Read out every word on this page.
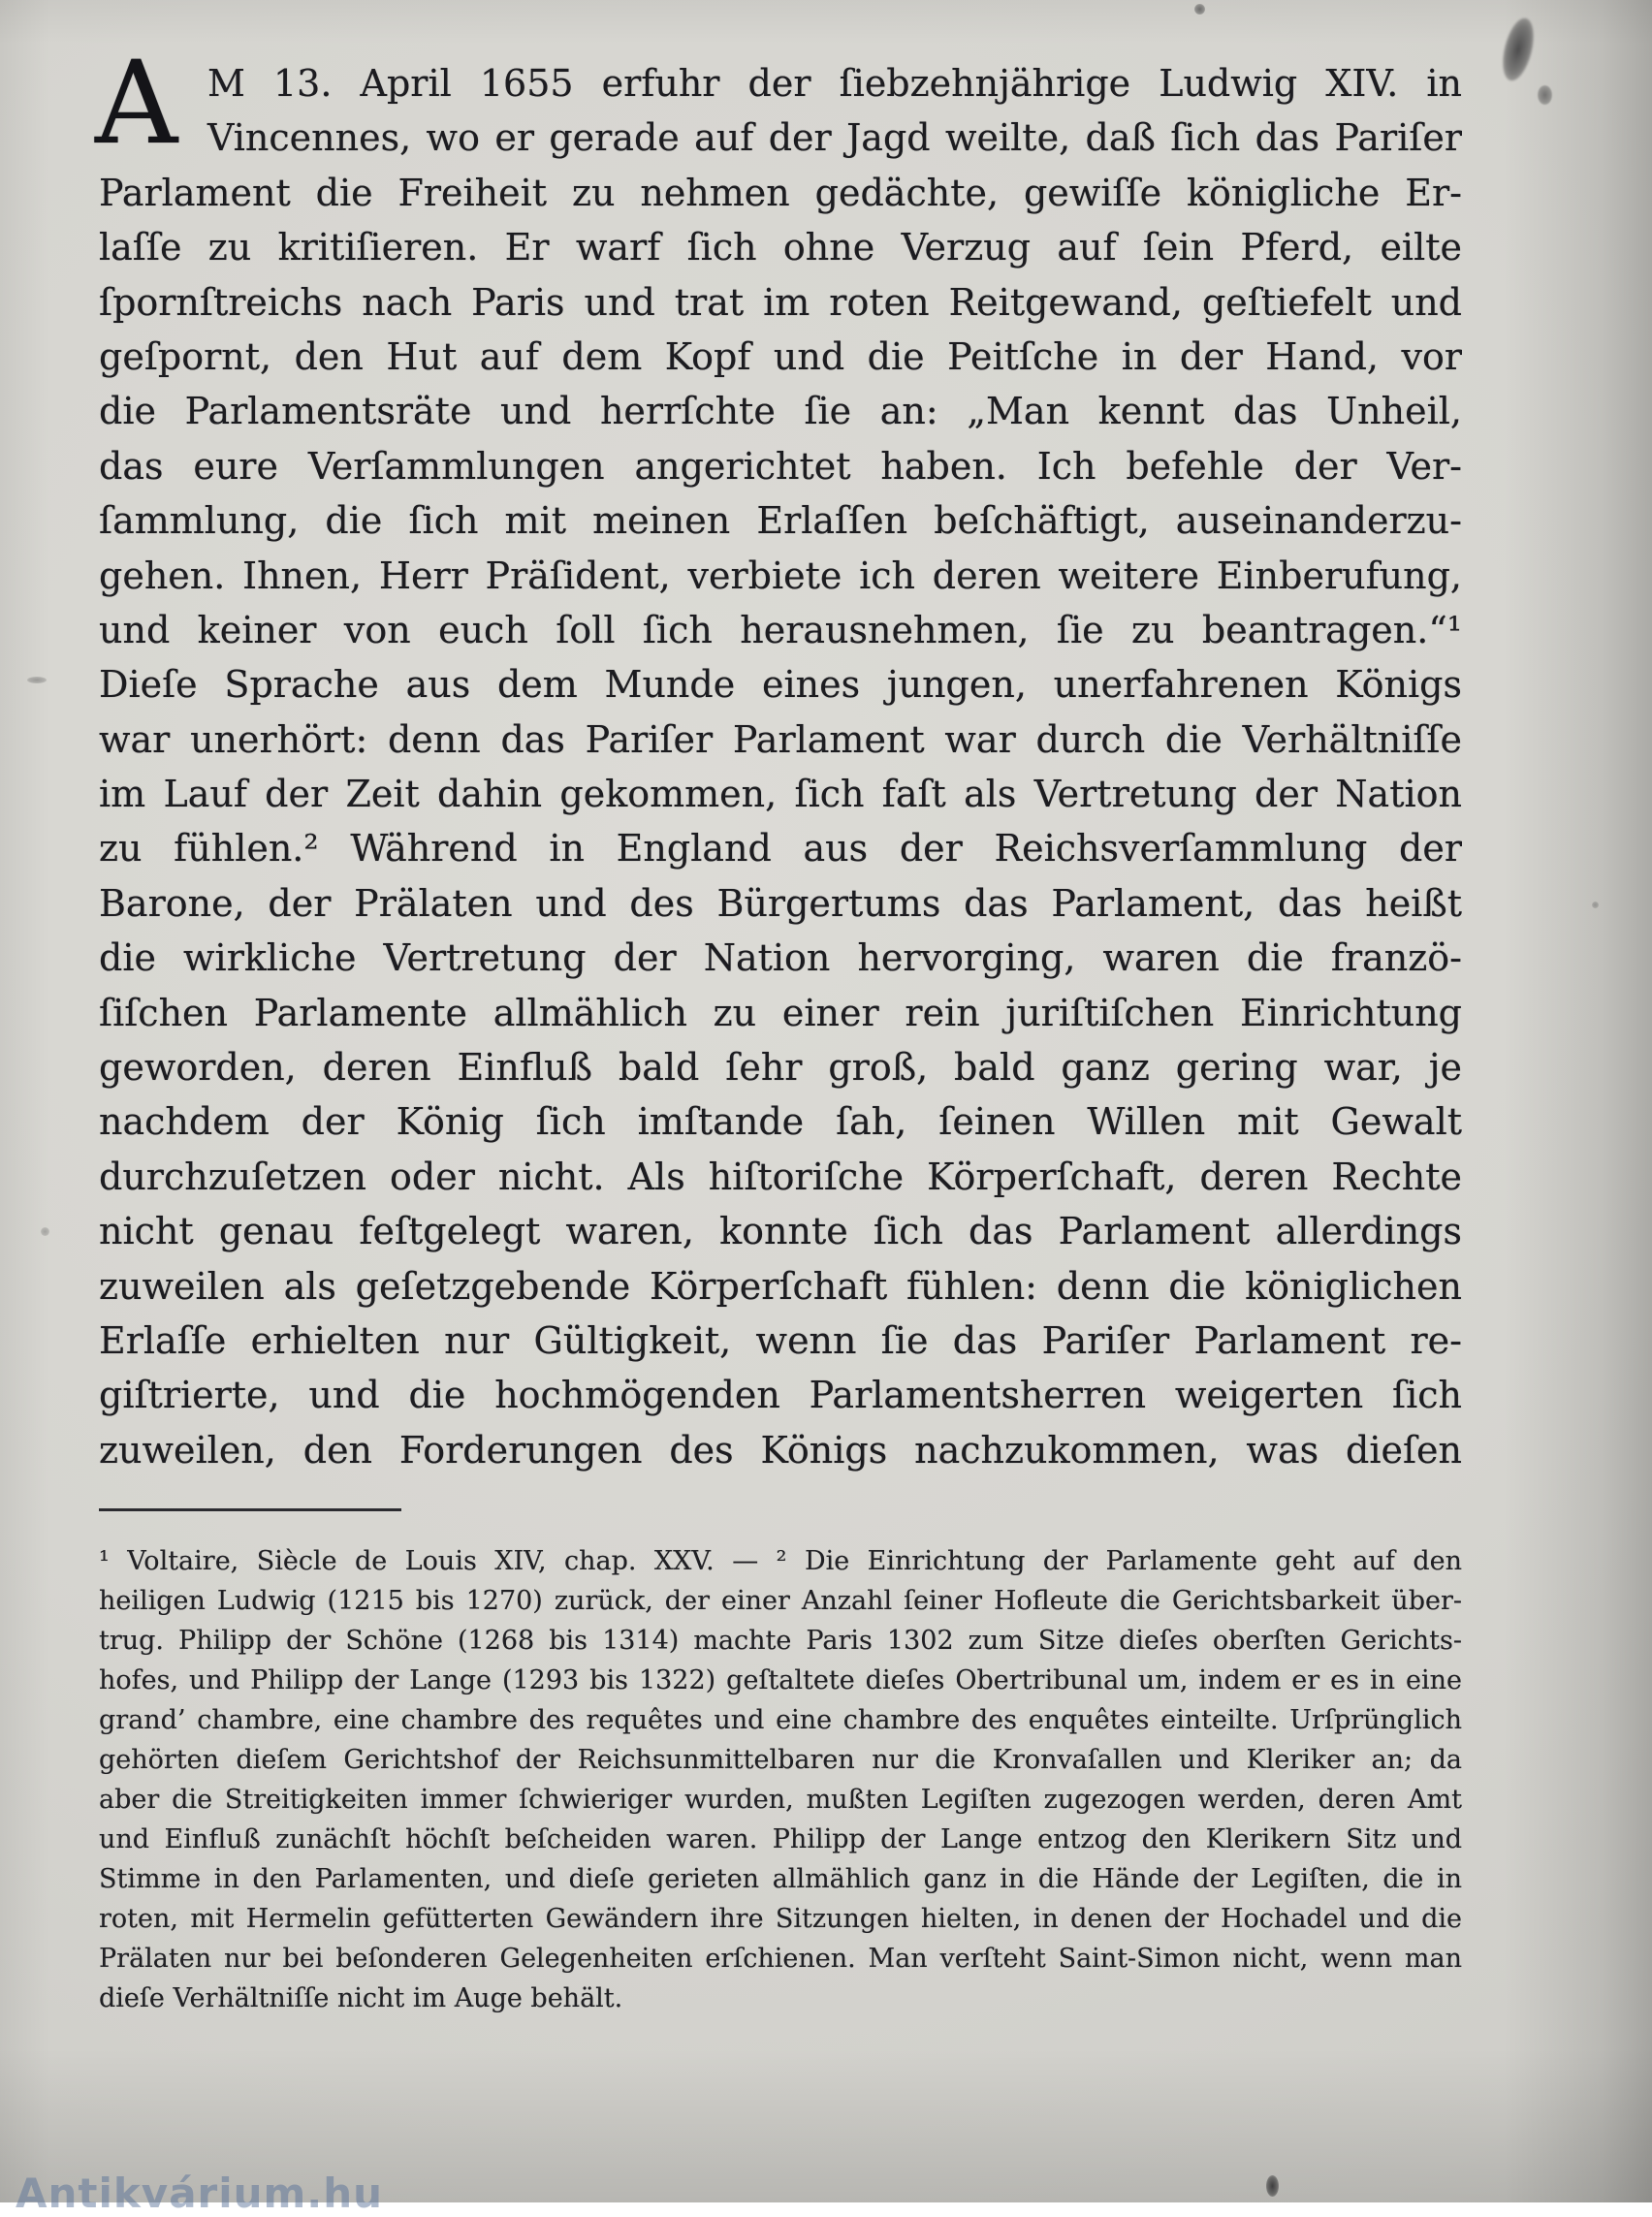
A M 13. April 1655 erfuhr der ſiebzehnjährige Ludwig XIV. in
Vincennes, wo er gerade auf der Jagd weilte, daß ſich das Pariſer
Parlament die Freiheit zu nehmen gedächte, gewiſſe königliche Er-
laſſe zu kritiſieren. Er warf ſich ohne Verzug auf ſein Pferd, eilte
ſpornſtreichs nach Paris und trat im roten Reitgewand, geſtiefelt und
geſpornt, den Hut auf dem Kopf und die Peitſche in der Hand, vor
die Parlamentsräte und herrſchte ſie an: „Man kennt das Unheil,
das eure Verſammlungen angerichtet haben. Ich befehle der Ver-
ſammlung, die ſich mit meinen Erlaſſen beſchäftigt, auseinanderzu-
gehen. Ihnen, Herr Präſident, verbiete ich deren weitere Einberufung,
und keiner von euch ſoll ſich herausnehmen, ſie zu beantragen.“¹
Dieſe Sprache aus dem Munde eines jungen, unerfahrenen Königs
war unerhört: denn das Pariſer Parlament war durch die Verhältniſſe
im Lauf der Zeit dahin gekommen, ſich faſt als Vertretung der Nation
zu fühlen.² Während in England aus der Reichsverſammlung der
Barone, der Prälaten und des Bürgertums das Parlament, das heißt
die wirkliche Vertretung der Nation hervorging, waren die franzö-
ſiſchen Parlamente allmählich zu einer rein juriſtiſchen Einrichtung
geworden, deren Einfluß bald ſehr groß, bald ganz gering war, je
nachdem der König ſich imſtande ſah, ſeinen Willen mit Gewalt
durchzuſetzen oder nicht. Als hiſtoriſche Körperſchaft, deren Rechte
nicht genau feſtgelegt waren, konnte ſich das Parlament allerdings
zuweilen als geſetzgebende Körperſchaft fühlen: denn die königlichen
Erlaſſe erhielten nur Gültigkeit, wenn ſie das Pariſer Parlament re-
giſtrierte, und die hochmögenden Parlamentsherren weigerten ſich
zuweilen, den Forderungen des Königs nachzukommen, was dieſen
¹ Voltaire, Siècle de Louis XIV, chap. XXV. — ² Die Einrichtung der Parlamente geht auf den
heiligen Ludwig (1215 bis 1270) zurück, der einer Anzahl ſeiner Hofleute die Gerichtsbarkeit über-
trug. Philipp der Schöne (1268 bis 1314) machte Paris 1302 zum Sitze dieſes oberſten Gerichts-
hofes, und Philipp der Lange (1293 bis 1322) geſtaltete dieſes Obertribunal um, indem er es in eine
grand’ chambre, eine chambre des requêtes und eine chambre des enquêtes einteilte. Urſprünglich
gehörten dieſem Gerichtshof der Reichsunmittelbaren nur die Kronvaſallen und Kleriker an; da
aber die Streitigkeiten immer ſchwieriger wurden, mußten Legiſten zugezogen werden, deren Amt
und Einfluß zunächſt höchſt beſcheiden waren. Philipp der Lange entzog den Klerikern Sitz und
Stimme in den Parlamenten, und dieſe gerieten allmählich ganz in die Hände der Legiſten, die in
roten, mit Hermelin gefütterten Gewändern ihre Sitzungen hielten, in denen der Hochadel und die
Prälaten nur bei beſonderen Gelegenheiten erſchienen. Man verſteht Saint-Simon nicht, wenn man
dieſe Verhältniſſe nicht im Auge behält.
Antikvárium.hu
